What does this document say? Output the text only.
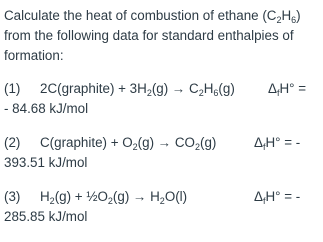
Calculate the heat of combustion of ethane $(C_2H_6)$
from the following data for standard enthalpies of
formation:

(1) 2C(graphite) + $3H_2(g) \to C_2H_6(g) \Delta_fH^\circ$ =
- 84.68 kJ/mol
(2) C(graphite) + $O_2(g) \to CO_2(g)$	$\Delta_fH^\circ$ = -
393.51 kJ/mol
(3) $H_2(g)$ + $\frac{1}{2}O_2(g) \to H_2O(l)$	$\Delta_fH^\circ$ = -
285.85 kJ/mol
